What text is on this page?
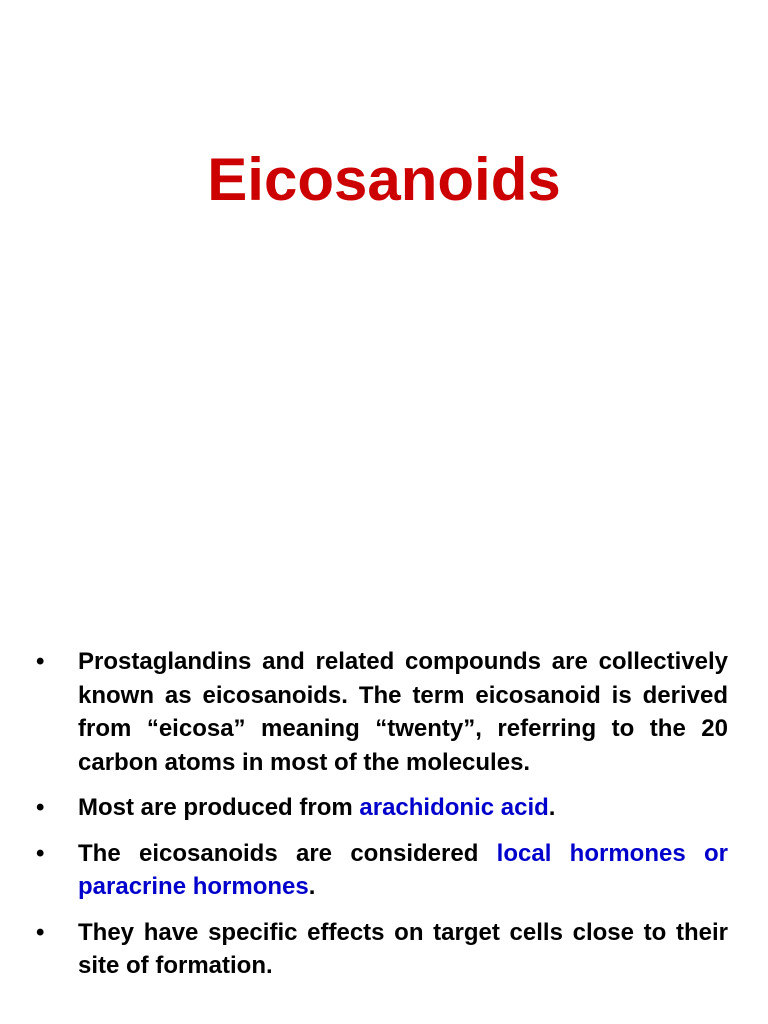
Eicosanoids
•	Prostaglandins and related compounds are collectively known as eicosanoids. The term eicosanoid is derived from “eicosa” meaning “twenty”, referring to the 20 carbon atoms in most of the molecules.
•	Most are produced from arachidonic acid.
•	The eicosanoids are considered local hormones or paracrine hormones.
•	They have specific effects on target cells close to their site of formation.
